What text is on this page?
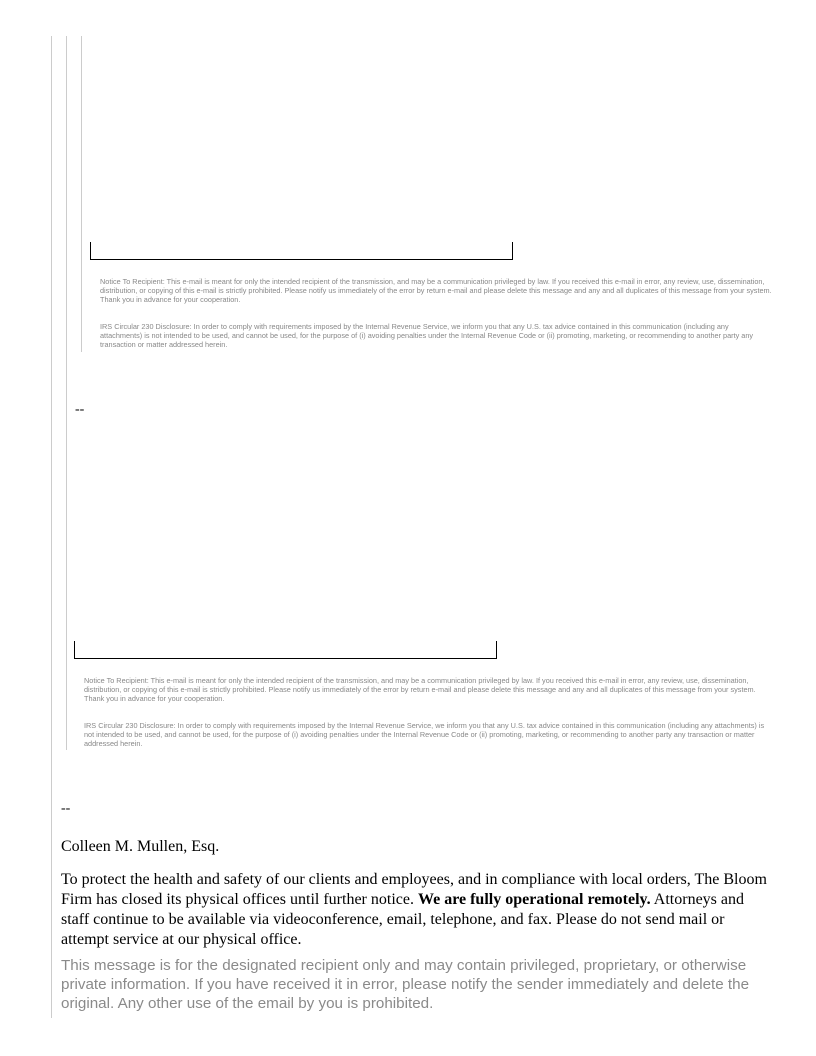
Notice To Recipient: This e-mail is meant for only the intended recipient of the transmission, and may be a communication privileged by law. If you received this e-mail in error, any review, use, dissemination, distribution, or copying of this e-mail is strictly prohibited. Please notify us immediately of the error by return e-mail and please delete this message and any and all duplicates of this message from your system. Thank you in advance for your cooperation.

IRS Circular 230 Disclosure: In order to comply with requirements imposed by the Internal Revenue Service, we inform you that any U.S. tax advice contained in this communication (including any attachments) is not intended to be used, and cannot be used, for the purpose of (i) avoiding penalties under the Internal Revenue Code or (ii) promoting, marketing, or recommending to another party any transaction or matter addressed herein.

--

Notice To Recipient: This e-mail is meant for only the intended recipient of the transmission, and may be a communication privileged by law. If you received this e-mail in error, any review, use, dissemination, distribution, or copying of this e-mail is strictly prohibited. Please notify us immediately of the error by return e-mail and please delete this message and any and all duplicates of this message from your system. Thank you in advance for your cooperation.

IRS Circular 230 Disclosure: In order to comply with requirements imposed by the Internal Revenue Service, we inform you that any U.S. tax advice contained in this communication (including any attachments) is not intended to be used, and cannot be used, for the purpose of (i) avoiding penalties under the Internal Revenue Code or (ii) promoting, marketing, or recommending to another party any transaction or matter addressed herein.

--

Colleen M. Mullen, Esq.

To protect the health and safety of our clients and employees, and in compliance with local orders, The Bloom Firm has closed its physical offices until further notice. We are fully operational remotely. Attorneys and staff continue to be available via videoconference, email, telephone, and fax. Please do not send mail or attempt service at our physical office.

This message is for the designated recipient only and may contain privileged, proprietary, or otherwise private information. If you have received it in error, please notify the sender immediately and delete the original. Any other use of the email by you is prohibited.
